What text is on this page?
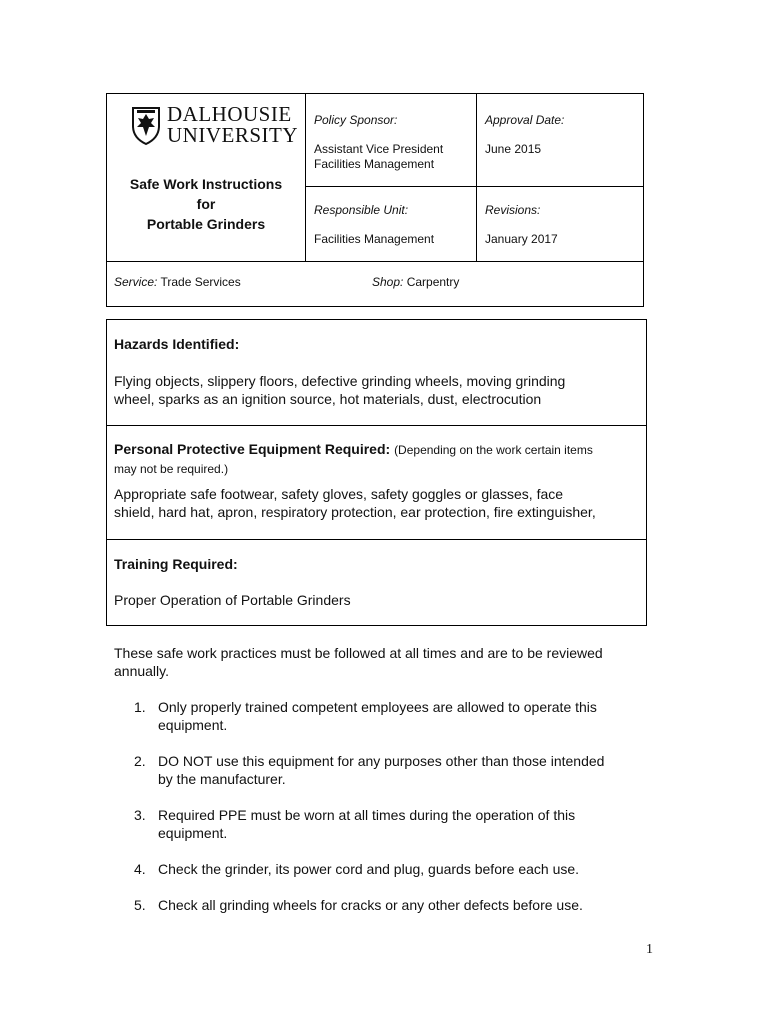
DALHOUSIE
UNIVERSITY
Safe Work Instructions
for
Portable Grinders
Policy Sponsor:
Assistant Vice President
Facilities Management
Approval Date:
June 2015
Responsible Unit:
Facilities Management
Revisions:
January 2017
Service: Trade Services	Shop: Carpentry
Hazards Identified:
Flying objects, slippery floors, defective grinding wheels, moving grinding
wheel, sparks as an ignition source, hot materials, dust, electrocution
Personal Protective Equipment Required: (Depending on the work certain items
may not be required.)
Appropriate safe footwear, safety gloves, safety goggles or glasses, face
shield, hard hat, apron, respiratory protection, ear protection, fire extinguisher,
Training Required:
Proper Operation of Portable Grinders
These safe work practices must be followed at all times and are to be reviewed
annually.
1. Only properly trained competent employees are allowed to operate this
equipment.
2. DO NOT use this equipment for any purposes other than those intended
by the manufacturer.
3. Required PPE must be worn at all times during the operation of this
equipment.
4. Check the grinder, its power cord and plug, guards before each use.
5. Check all grinding wheels for cracks or any other defects before use.
1
